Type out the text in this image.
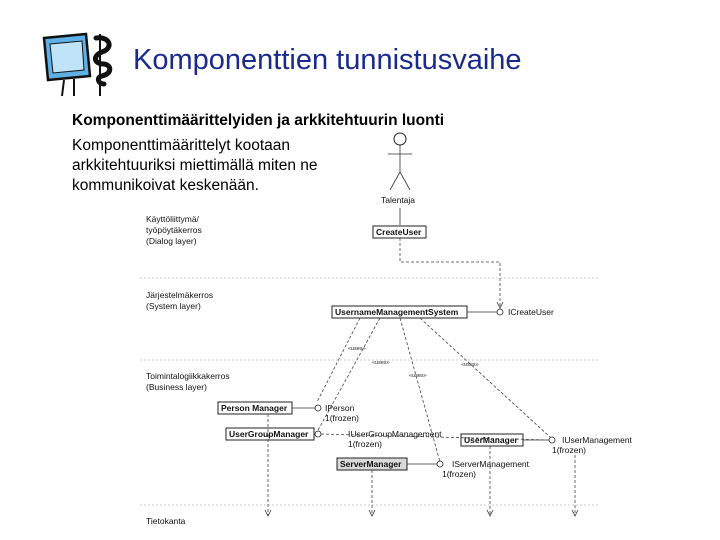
Komponenttien tunnistusvaihe
Komponenttimäärittelyiden ja arkkitehtuurin luonti
Komponenttimäärittelyt kootaan
arkkitehtuuriksi miettimällä miten ne
kommunikoivat keskenään.
Talentaja
Käyttöliittymä/
työpöytäkerros
(Dialog layer)
Järjestelmäkerros
(System layer)
Toimintalogiikkakerros
(Business layer)
Tietokanta
CreateUser
UsernameManagementSystem	ICreateUser
«uses»
«uses»
«uses»
«uses»
Person Manager	IPerson
1(frozen)
UserGroupManager	IUserGroupManagement
1(frozen)	UserManager	IUserManagement
1(frozen)
ServerManager	IServerManagement
1(frozen)
